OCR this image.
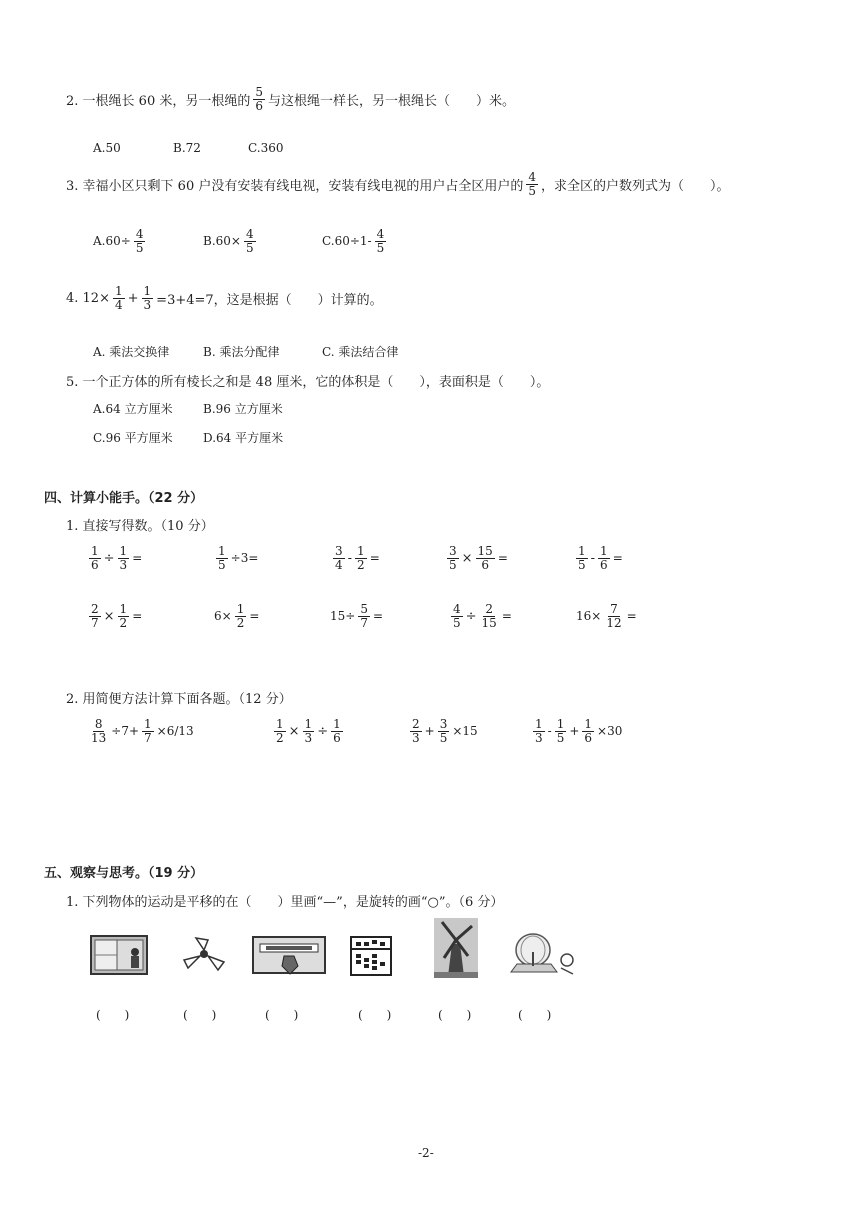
2. 一根绳长 60 米，另一根绳的 $\frac{5}{6}$ 与这根绳一样长，另一根绳长（　　）米。
A.50	B.72	C.360
3. 幸福小区只剩下 60 户没有安装有线电视，安装有线电视的用户占全区用户的 $\frac{4}{5}$ ，求全区的户数列式为（　　）。
$A.60\div \frac{4}{5}$	$B.60\times \frac{4}{5}$	$C.60\div 1- \frac{4}{5}$
4. $12\times \frac{1}{4} + \frac{1}{3} =3+4=7$，这是根据（　　）计算的。
A. 乘法交换律	B. 乘法分配律	C. 乘法结合律
5. 一个正方体的所有棱长之和是 48 厘米，它的体积是（　　），表面积是（　　）。
A.64 立方厘米	B.96 立方厘米
C.96 平方厘米	D.64 平方厘米
四、计算小能手。（22 分）
1. 直接写得数。（10 分）
$\frac{1}{6} \div \frac{1}{3}$ =	$\frac{1}{5} \div 3=$	$\frac{3}{4} - \frac{1}{2}$ =	$\frac{3}{5} \times \frac{15}{6}$ =	$\frac{1}{5} - \frac{1}{6}$ =
$\frac{2}{7} \times \frac{1}{2}$ =	$6\times \frac{1}{2}$ =	$15\div \frac{5}{7}$ =	$\frac{4}{5} \div \frac{2}{15}$ =	$16\times \frac{7}{12}$ =
2. 用简便方法计算下面各题。（12 分）
$\frac{8}{13} \div 7+ \frac{1}{7} \times 6/13$	$\frac{1}{2} \times \frac{1}{3} \div \frac{1}{6}$	$\frac{2}{3} + \frac{3}{5} \times 15$	$\frac{1}{3} - \frac{1}{5} + \frac{1}{6} \times 30$
五、观察与思考。（19 分）
1. 下列物体的运动是平移的在（　　）里画“—”，是旋转的画“○”。（6 分）
(　　)	(　　)	(　　)	(　　)	(　　)	(　　)
-2-
